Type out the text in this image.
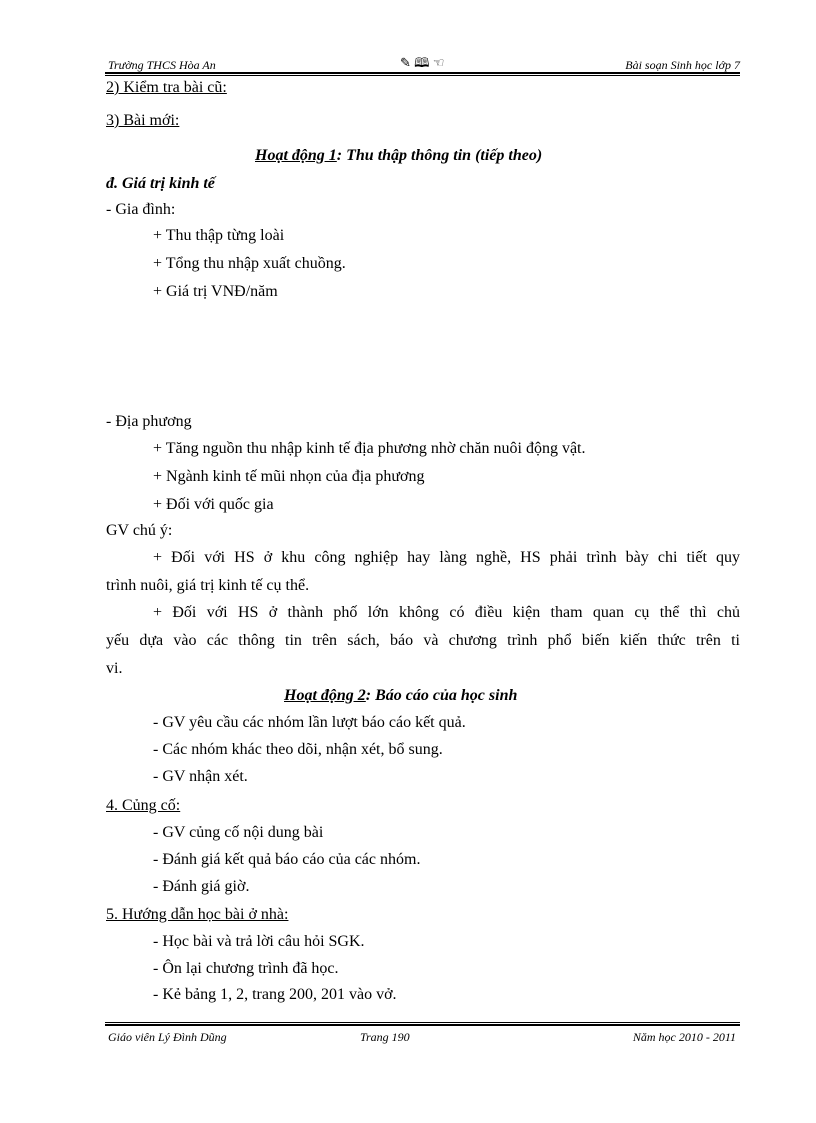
Trường THCS Hòa An	✎ 🕮 ☜	Bài soạn Sinh học lớp 7
2) Kiểm tra bài cũ:
3) Bài mới:
Hoạt động 1: Thu thập thông tin (tiếp theo)
đ. Giá trị kinh tế
- Gia đình:
+ Thu thập từng loài
+ Tổng thu nhập xuất chuồng.
+ Giá trị VNĐ/năm
- Địa phương
+ Tăng nguồn thu nhập kinh tế địa phương nhờ chăn nuôi động vật.
+ Ngành kinh tế mũi nhọn của địa phương
+ Đối với quốc gia
GV chú ý:
+ Đối với HS ở khu công nghiệp hay làng nghề, HS phải trình bày chi tiết quy
trình nuôi, giá trị kinh tế cụ thể.
+ Đối với HS ở thành phố lớn không có điều kiện tham quan cụ thể thì chủ
yếu dựa vào các thông tin trên sách, báo và chương trình phổ biến kiến thức trên ti
vi.
Hoạt động 2: Báo cáo của học sinh
- GV yêu cầu các nhóm lần lượt báo cáo kết quả.
- Các nhóm khác theo dõi, nhận xét, bổ sung.
- GV nhận xét.
4. Củng cố:
- GV củng cố nội dung bài
- Đánh giá kết quả báo cáo của các nhóm.
- Đánh giá giờ.
5. Hướng dẫn học bài ở nhà:
- Học bài và trả lời câu hỏi SGK.
- Ôn lại chương trình đã học.
- Kẻ bảng 1, 2, trang 200, 201 vào vở.
Giáo viên Lý Đình Dũng	Trang 190	Năm học 2010 - 2011
